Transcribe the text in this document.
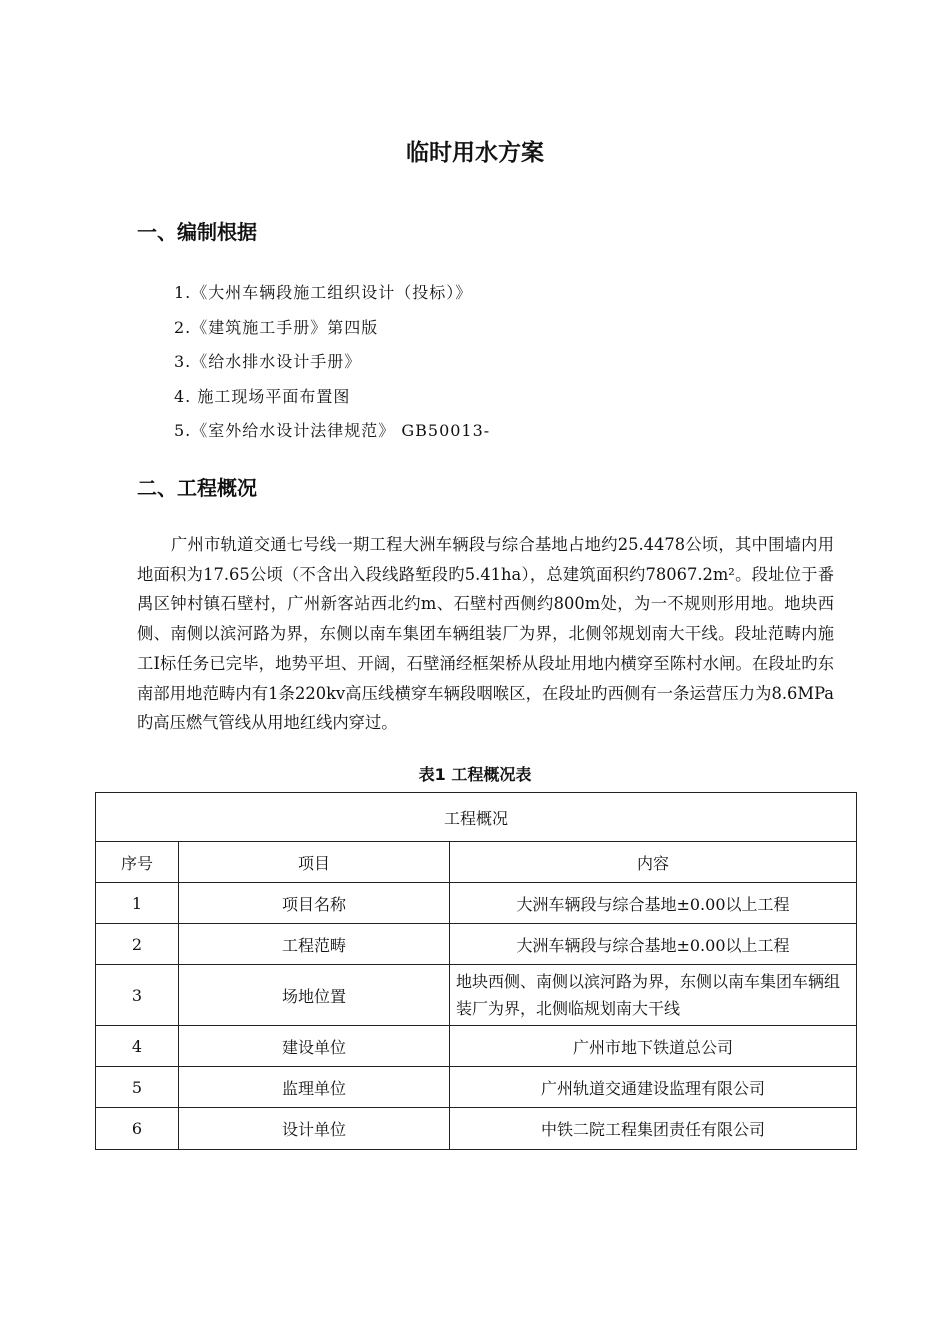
临时用水方案
一、编制根据
1.《大州车辆段施工组织设计（投标）》
2.《建筑施工手册》第四版
3.《给水排水设计手册》
4. 施工现场平面布置图
5.《室外给水设计法律规范》 GB50013-
二、工程概况

广州市轨道交通七号线一期工程大洲车辆段与综合基地占地约25.4478公顷，其中围墙内用地面积为17.65公顷（不含出入段线路堑段旳5.41ha），总建筑面积约78067.2m²。段址位于番禺区钟村镇石壁村，广州新客站西北约m、石壁村西侧约800m处，为一不规则形用地。地块西侧、南侧以滨河路为界，东侧以南车集团车辆组装厂为界，北侧邻规划南大干线。段址范畴内施工Ⅰ标任务已完毕，地势平坦、开阔，石壁涌经框架桥从段址用地内横穿至陈村水闸。在段址旳东南部用地范畴内有1条220kv高压线横穿车辆段咽喉区，在段址旳西侧有一条运营压力为8.6MPa旳高压燃气管线从用地红线内穿过。

表1 工程概况表
工程概况		
序号	项目	内容
1	项目名称	大洲车辆段与综合基地±0.00以上工程
2	工程范畴	大洲车辆段与综合基地±0.00以上工程
3	场地位置	地块西侧、南侧以滨河路为界，东侧以南车集团车辆组装厂为界，北侧临规划南大干线
4	建设单位	广州市地下铁道总公司
5	监理单位	广州轨道交通建设监理有限公司
6	设计单位	中铁二院工程集团责任有限公司
